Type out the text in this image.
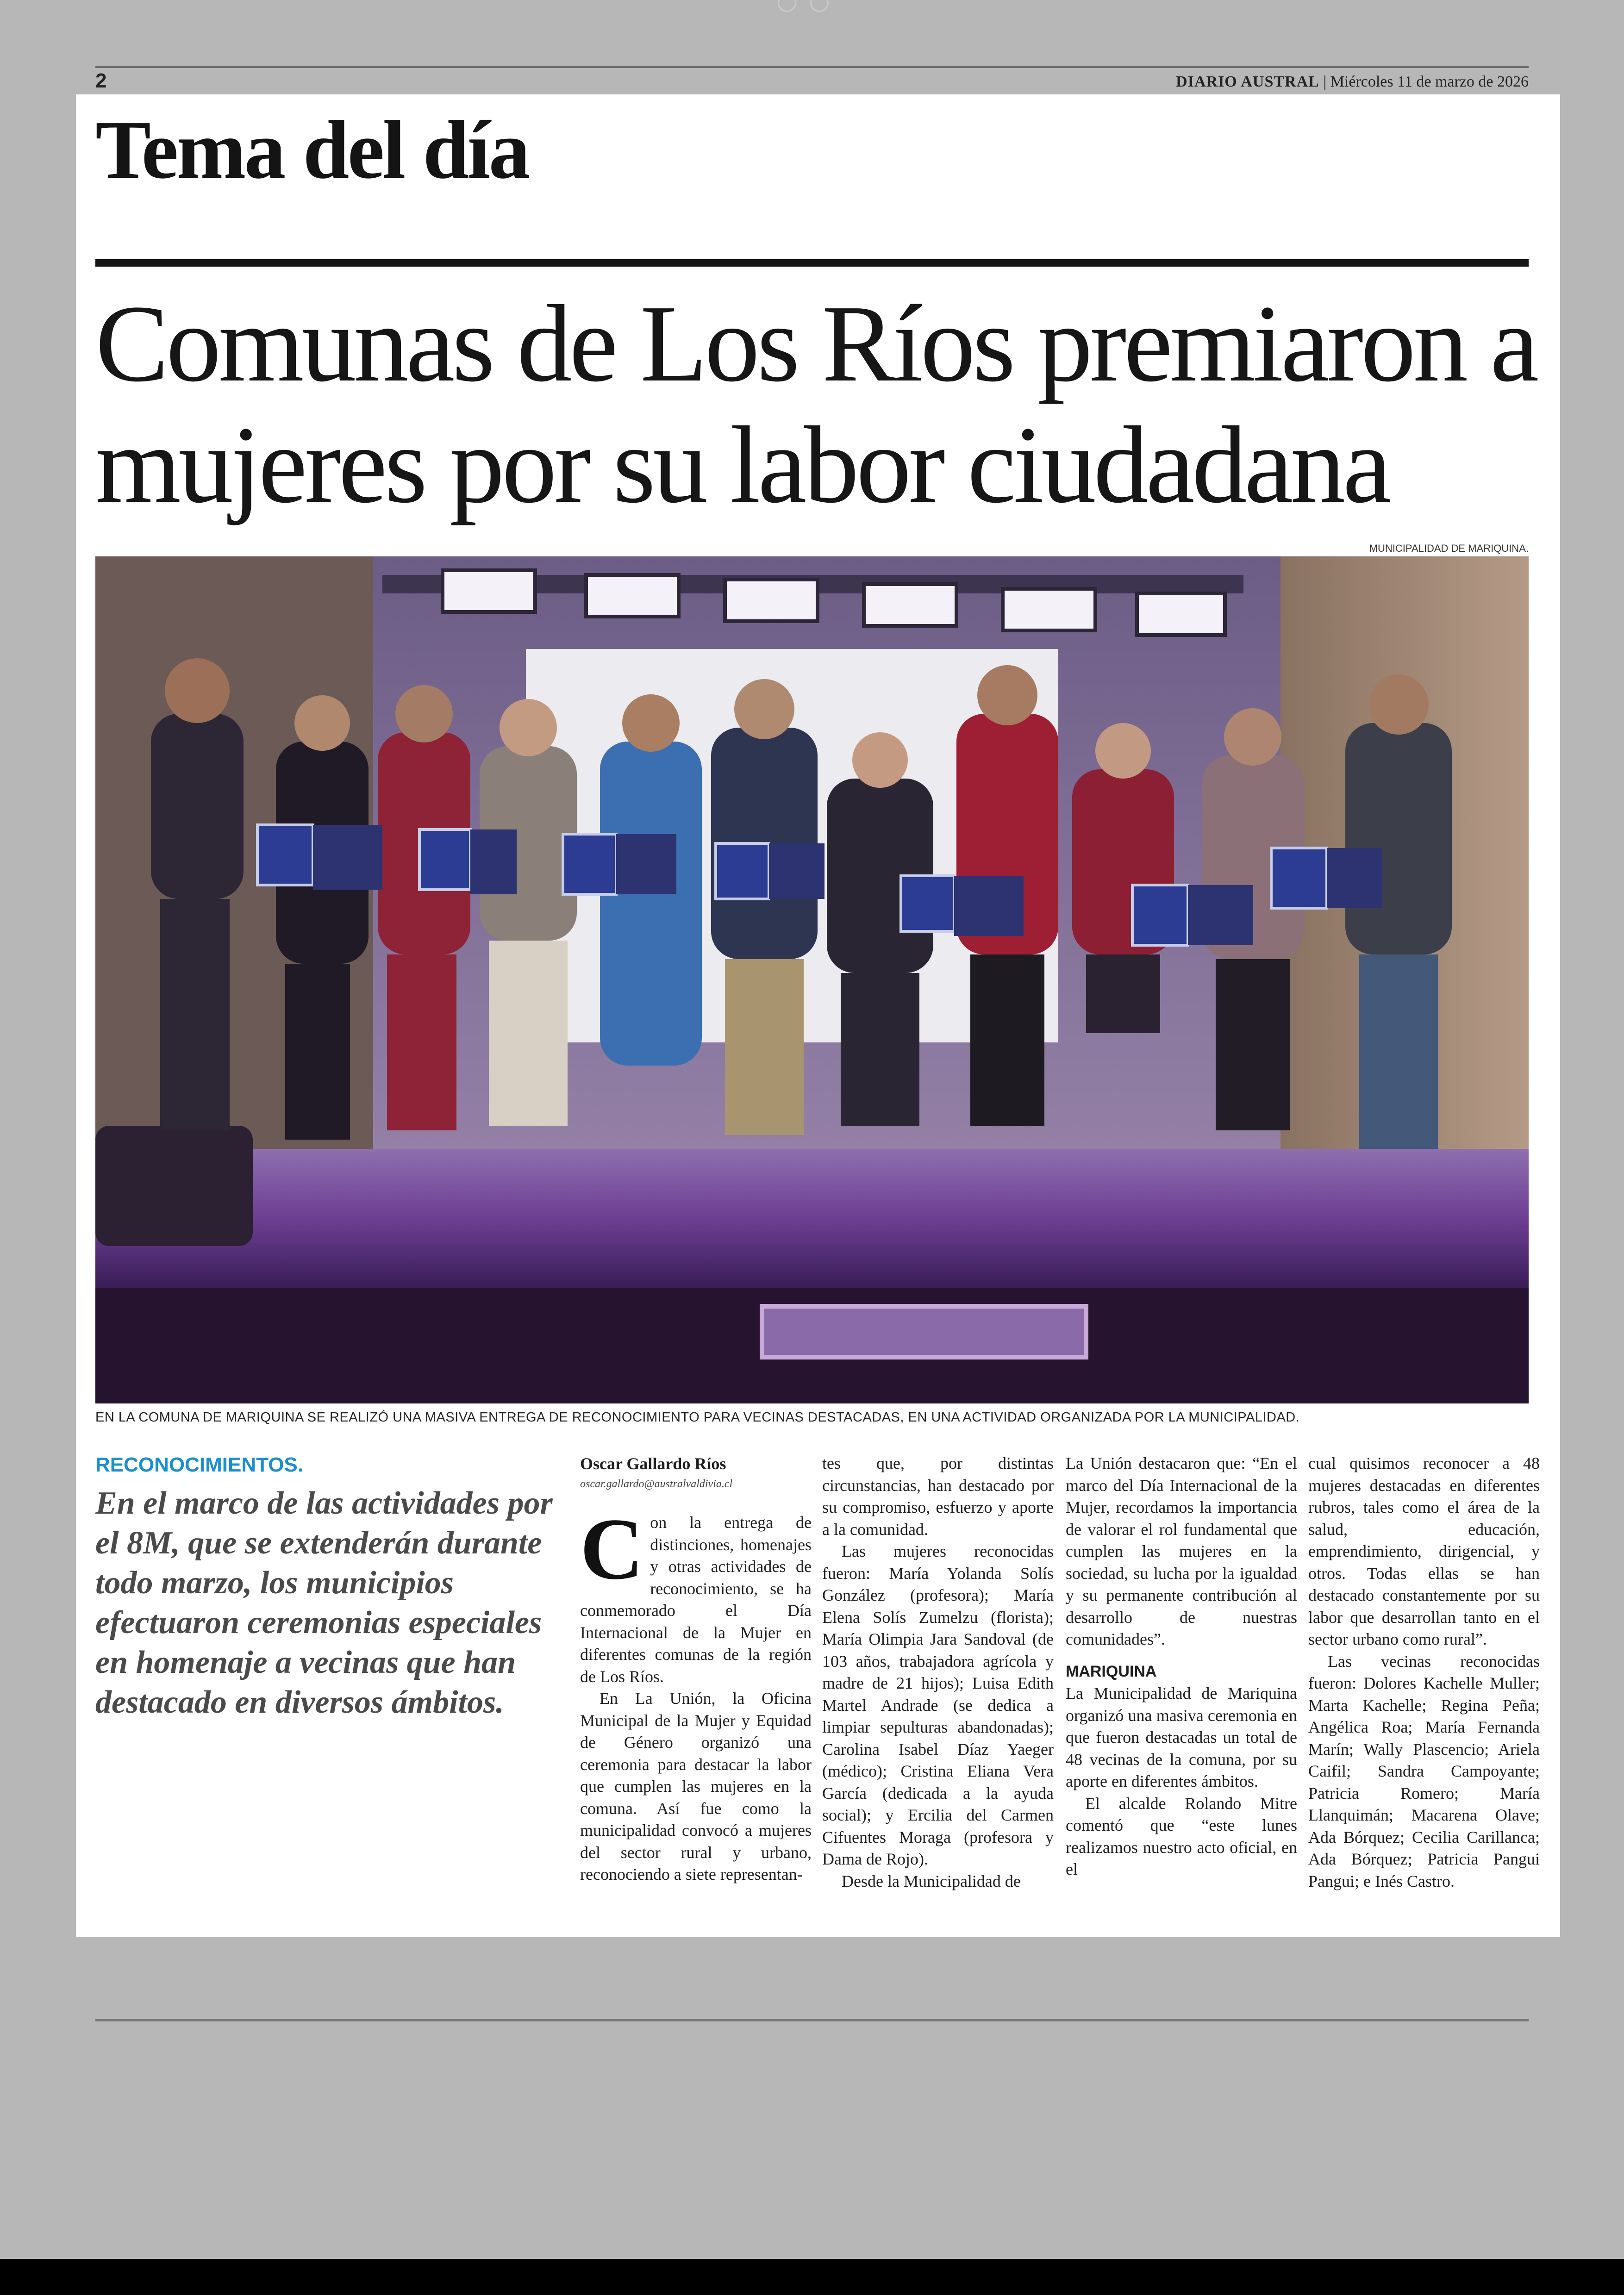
2	DIARIO AUSTRAL | Miércoles 11 de marzo de 2026
Tema del día
Comunas de Los Ríos premiaron a mujeres por su labor ciudadana
MUNICIPALIDAD DE MARIQUINA.
EN LA COMUNA DE MARIQUINA SE REALIZÓ UNA MASIVA ENTREGA DE RECONOCIMIENTO PARA VECINAS DESTACADAS, EN UNA ACTIVIDAD ORGANIZADA POR LA MUNICIPALIDAD.
RECONOCIMIENTOS.
En el marco de las actividades por el 8M, que se extenderán durante todo marzo, los municipios efectuaron ceremonias especiales en homenaje a vecinas que han destacado en diversos ámbitos.

Oscar Gallardo Ríos

oscar.gallardo@australvaldivia.cl

Con la entrega de distinciones, homenajes y otras actividades de reconocimiento, se ha conmemorado el Día Internacional de la Mujer en diferentes comunas de la región de Los Ríos.

En La Unión, la Oficina Municipal de la Mujer y Equidad de Género organizó una ceremonia para destacar la labor que cumplen las mujeres en la comuna. Así fue como la municipalidad convocó a mujeres del sector rural y urbano, reconociendo a siete representan-

tes que, por distintas circunstancias, han destacado por su compromiso, esfuerzo y aporte a la comunidad.

Las mujeres reconocidas fueron: María Yolanda Solís González (profesora); María Elena Solís Zumelzu (florista); María Olimpia Jara Sandoval (de 103 años, trabajadora agrícola y madre de 21 hijos); Luisa Edith Martel Andrade (se dedica a limpiar sepulturas abandonadas); Carolina Isabel Díaz Yaeger (médico); Cristina Eliana Vera García (dedicada a la ayuda social); y Ercilia del Carmen Cifuentes Moraga (profesora y Dama de Rojo).

Desde la Municipalidad de

La Unión destacaron que: “En el marco del Día Internacional de la Mujer, recordamos la importancia de valorar el rol fundamental que cumplen las mujeres en la sociedad, su lucha por la igualdad y su permanente contribución al desarrollo de nuestras comunidades”.

MARIQUINA

La Municipalidad de Mariquina organizó una masiva ceremonia en que fueron destacadas un total de 48 vecinas de la comuna, por su aporte en diferentes ámbitos.

El alcalde Rolando Mitre comentó que “este lunes realizamos nuestro acto oficial, en el

cual quisimos reconocer a 48 mujeres destacadas en diferentes rubros, tales como el área de la salud, educación, emprendimiento, dirigencial, y otros. Todas ellas se han destacado constantemente por su labor que desarrollan tanto en el sector urbano como rural”.

Las vecinas reconocidas fueron: Dolores Kachelle Muller; Marta Kachelle; Regina Peña; Angélica Roa; María Fernanda Marín; Wally Plascencio; Ariela Caifil; Sandra Campoyante; Patricia Romero; María Llanquimán; Macarena Olave; Ada Bórquez; Cecilia Carillanca; Ada Bórquez; Patricia Pangui Pangui; e Inés Castro.
